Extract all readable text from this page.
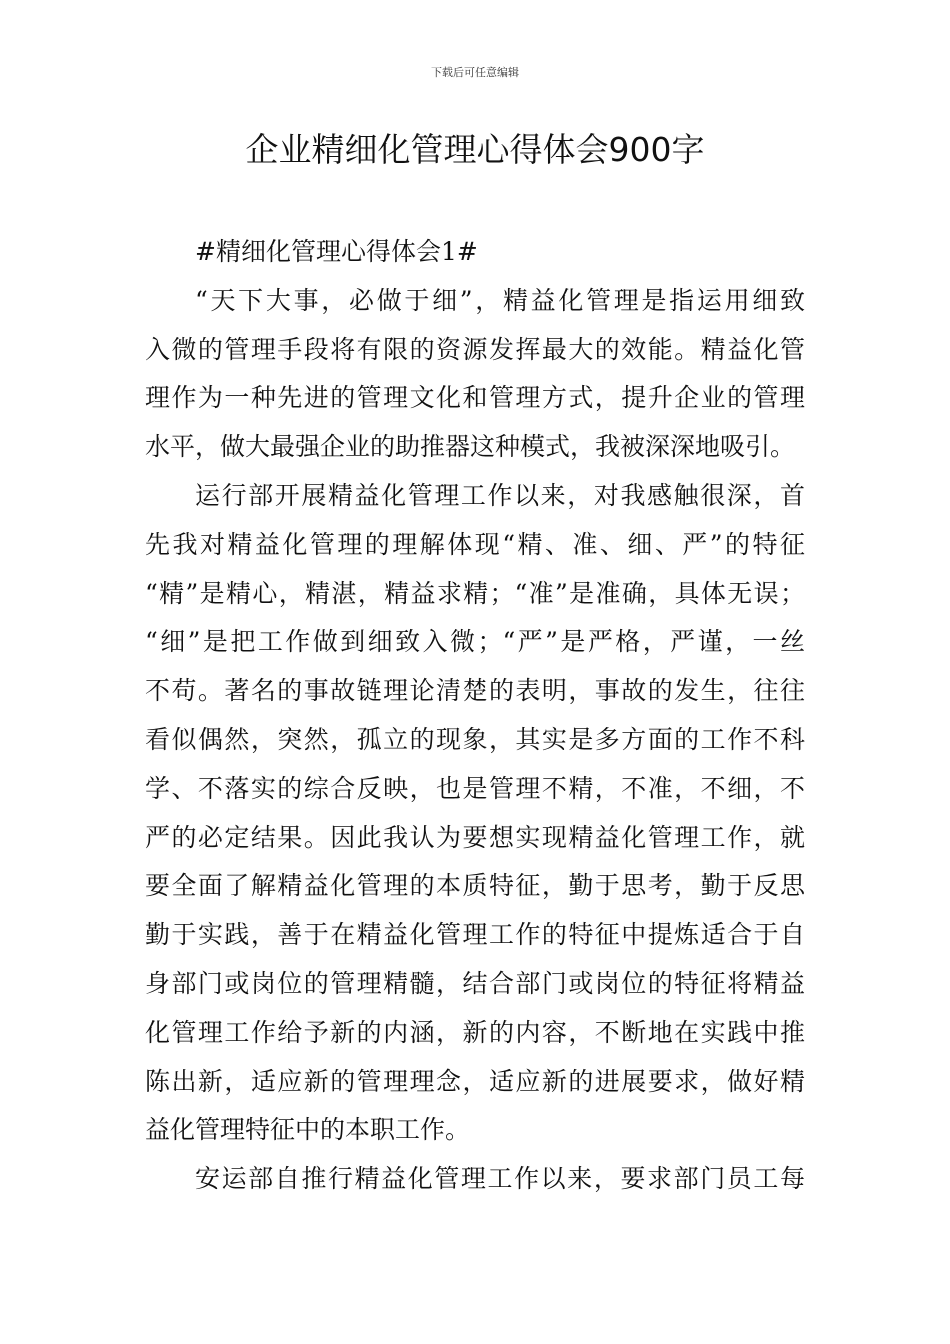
下载后可任意编辑
企业精细化管理心得体会900字
#精细化管理心得体会1#
“天下大事，必做于细”，精益化管理是指运用细致
入微的管理手段将有限的资源发挥最大的效能。精益化管
理作为一种先进的管理文化和管理方式，提升企业的管理
水平，做大最强企业的助推器这种模式，我被深深地吸引。
运行部开展精益化管理工作以来，对我感触很深，首
先我对精益化管理的理解体现“精、准、细、严”的特征
“精”是精心，精湛，精益求精；“准”是准确，具体无误；
“细”是把工作做到细致入微；“严”是严格，严谨，一丝
不苟。著名的事故链理论清楚的表明，事故的发生，往往
看似偶然，突然，孤立的现象，其实是多方面的工作不科
学、不落实的综合反映，也是管理不精，不准，不细，不
严的必定结果。因此我认为要想实现精益化管理工作，就
要全面了解精益化管理的本质特征，勤于思考，勤于反思
勤于实践，善于在精益化管理工作的特征中提炼适合于自
身部门或岗位的管理精髓，结合部门或岗位的特征将精益
化管理工作给予新的内涵，新的内容，不断地在实践中推
陈出新，适应新的管理理念，适应新的进展要求，做好精
益化管理特征中的本职工作。
安运部自推行精益化管理工作以来，要求部门员工每
